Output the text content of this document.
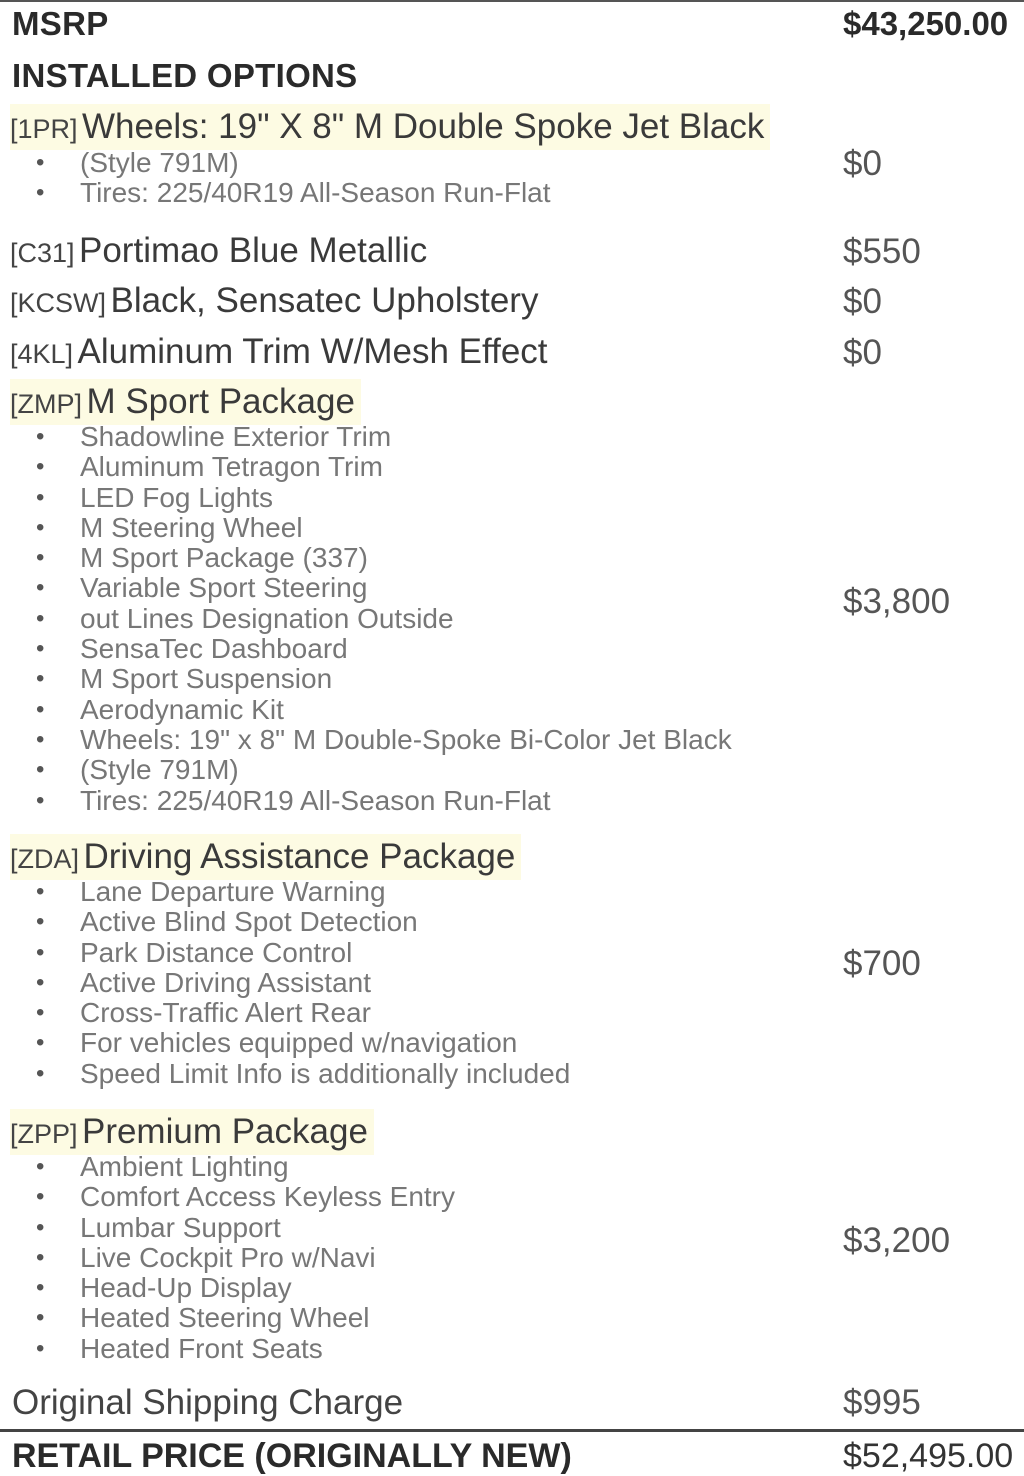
MSRP	$43,250.00
INSTALLED OPTIONS
[1PR] Wheels: 19" X 8" M Double Spoke Jet Black
• (Style 791M)
• Tires: 225/40R19 All-Season Run-Flat
$0
[C31] Portimao Blue Metallic	$550
[KCSW] Black, Sensatec Upholstery	$0
[4KL] Aluminum Trim W/Mesh Effect	$0
[ZMP] M Sport Package
• Shadowline Exterior Trim
• Aluminum Tetragon Trim
• LED Fog Lights
• M Steering Wheel
• M Sport Package (337)
• Variable Sport Steering
• out Lines Designation Outside
• SensaTec Dashboard
• M Sport Suspension
• Aerodynamic Kit
• Wheels: 19" x 8" M Double-Spoke Bi-Color Jet Black
• (Style 791M)
• Tires: 225/40R19 All-Season Run-Flat
$3,800
[ZDA] Driving Assistance Package
• Lane Departure Warning
• Active Blind Spot Detection
• Park Distance Control
• Active Driving Assistant
• Cross-Traffic Alert Rear
• For vehicles equipped w/navigation
• Speed Limit Info is additionally included
$700
[ZPP] Premium Package
• Ambient Lighting
• Comfort Access Keyless Entry
• Lumbar Support
• Live Cockpit Pro w/Navi
• Head-Up Display
• Heated Steering Wheel
• Heated Front Seats
$3,200
Original Shipping Charge	$995
RETAIL PRICE (ORIGINALLY NEW)	$52,495.00
